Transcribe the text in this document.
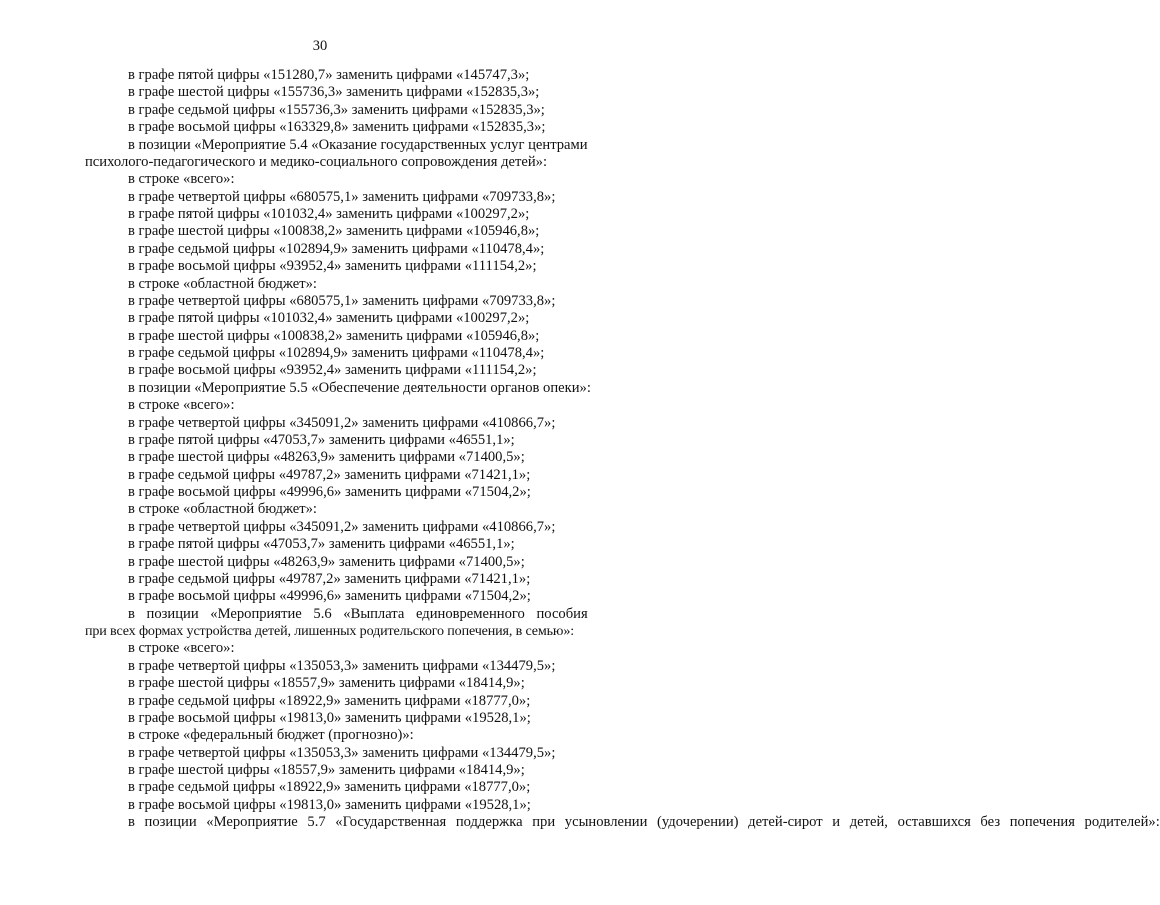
30

в графе пятой цифры «151280,7» заменить цифрами «145747,3»;

в графе шестой цифры «155736,3» заменить цифрами «152835,3»;

в графе седьмой цифры «155736,3» заменить цифрами «152835,3»;

в графе восьмой цифры «163329,8» заменить цифрами «152835,3»;

в позиции «Мероприятие 5.4 «Оказание государственных услуг центрами

психолого-педагогического и медико-социального сопровождения детей»:

в строке «всего»:

в графе четвертой цифры «680575,1» заменить цифрами «709733,8»;

в графе пятой цифры «101032,4» заменить цифрами «100297,2»;

в графе шестой цифры «100838,2» заменить цифрами «105946,8»;

в графе седьмой цифры «102894,9» заменить цифрами «110478,4»;

в графе восьмой цифры «93952,4» заменить цифрами «111154,2»;

в строке «областной бюджет»:

в графе четвертой цифры «680575,1» заменить цифрами «709733,8»;

в графе пятой цифры «101032,4» заменить цифрами «100297,2»;

в графе шестой цифры «100838,2» заменить цифрами «105946,8»;

в графе седьмой цифры «102894,9» заменить цифрами «110478,4»;

в графе восьмой цифры «93952,4» заменить цифрами «111154,2»;

в позиции «Мероприятие 5.5 «Обеспечение деятельности органов опеки»:

в строке «всего»:

в графе четвертой цифры «345091,2» заменить цифрами «410866,7»;

в графе пятой цифры «47053,7» заменить цифрами «46551,1»;

в графе шестой цифры «48263,9» заменить цифрами «71400,5»;

в графе седьмой цифры «49787,2» заменить цифрами «71421,1»;

в графе восьмой цифры «49996,6» заменить цифрами «71504,2»;

в строке «областной бюджет»:

в графе четвертой цифры «345091,2» заменить цифрами «410866,7»;

в графе пятой цифры «47053,7» заменить цифрами «46551,1»;

в графе шестой цифры «48263,9» заменить цифрами «71400,5»;

в графе седьмой цифры «49787,2» заменить цифрами «71421,1»;

в графе восьмой цифры «49996,6» заменить цифрами «71504,2»;

в позиции «Мероприятие 5.6 «Выплата единовременного пособия

при всех формах устройства детей, лишенных родительского попечения, в семью»:

в строке «всего»:

в графе четвертой цифры «135053,3» заменить цифрами «134479,5»;

в графе шестой цифры «18557,9» заменить цифрами «18414,9»;

в графе седьмой цифры «18922,9» заменить цифрами «18777,0»;

в графе восьмой цифры «19813,0» заменить цифрами «19528,1»;

в строке «федеральный бюджет (прогнозно)»:

в графе четвертой цифры «135053,3» заменить цифрами «134479,5»;

в графе шестой цифры «18557,9» заменить цифрами «18414,9»;

в графе седьмой цифры «18922,9» заменить цифрами «18777,0»;

в графе восьмой цифры «19813,0» заменить цифрами «19528,1»;

в позиции «Мероприятие 5.7 «Государственная поддержка при усыновлении (удочерении) детей-сирот и детей, оставшихся без попечения родителей»:
